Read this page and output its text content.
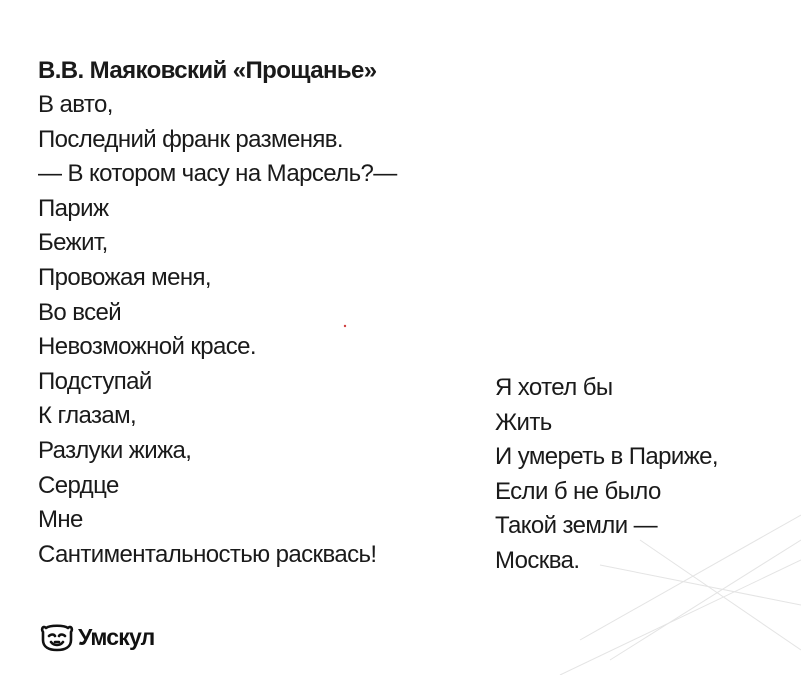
В.В. Маяковский «Прощанье»
В авто,
Последний франк разменяв.
— В котором часу на Марсель?—
Париж
Бежит,
Провожая меня,
Во всей
Невозможной красе.
Подступай
К глазам,
Разлуки жижа,
Сердце
Мне
Сантиментальностью расквась!
Я хотел бы
Жить
И умереть в Париже,
Если б не было
Такой земли —
Москва.
Умскул
